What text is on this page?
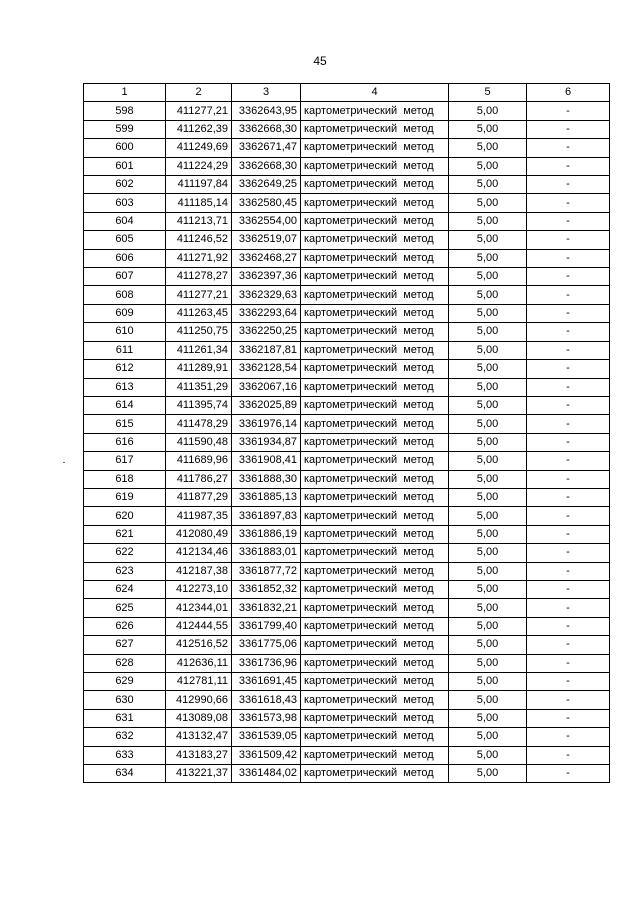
45
1	2	3	4	5	6
598	411277,21	3362643,95	картометрический метод	5,00	-
599	411262,39	3362668,30	картометрический метод	5,00	-
600	411249,69	3362671,47	картометрический метод	5,00	-
601	411224,29	3362668,30	картометрический метод	5,00	-
602	411197,84	3362649,25	картометрический метод	5,00	-
603	411185,14	3362580,45	картометрический метод	5,00	-
604	411213,71	3362554,00	картометрический метод	5,00	-
605	411246,52	3362519,07	картометрический метод	5,00	-
606	411271,92	3362468,27	картометрический метод	5,00	-
607	411278,27	3362397,36	картометрический метод	5,00	-
608	411277,21	3362329,63	картометрический метод	5,00	-
609	411263,45	3362293,64	картометрический метод	5,00	-
610	411250,75	3362250,25	картометрический метод	5,00	-
611	411261,34	3362187,81	картометрический метод	5,00	-
612	411289,91	3362128,54	картометрический метод	5,00	-
613	411351,29	3362067,16	картометрический метод	5,00	-
614	411395,74	3362025,89	картометрический метод	5,00	-
615	411478,29	3361976,14	картометрический метод	5,00	-
616	411590,48	3361934,87	картометрический метод	5,00	-
617	411689,96	3361908,41	картометрический метод	5,00	-
618	411786,27	3361888,30	картометрический метод	5,00	-
619	411877,29	3361885,13	картометрический метод	5,00	-
620	411987,35	3361897,83	картометрический метод	5,00	-
621	412080,49	3361886,19	картометрический метод	5,00	-
622	412134,46	3361883,01	картометрический метод	5,00	-
623	412187,38	3361877,72	картометрический метод	5,00	-
624	412273,10	3361852,32	картометрический метод	5,00	-
625	412344,01	3361832,21	картометрический метод	5,00	-
626	412444,55	3361799,40	картометрический метод	5,00	-
627	412516,52	3361775,06	картометрический метод	5,00	-
628	412636,11	3361736,96	картометрический метод	5,00	-
629	412781,11	3361691,45	картометрический метод	5,00	-
630	412990,66	3361618,43	картометрический метод	5,00	-
631	413089,08	3361573,98	картометрический метод	5,00	-
632	413132,47	3361539,05	картометрический метод	5,00	-
633	413183,27	3361509,42	картометрический метод	5,00	-
634	413221,37	3361484,02	картометрический метод	5,00	-
